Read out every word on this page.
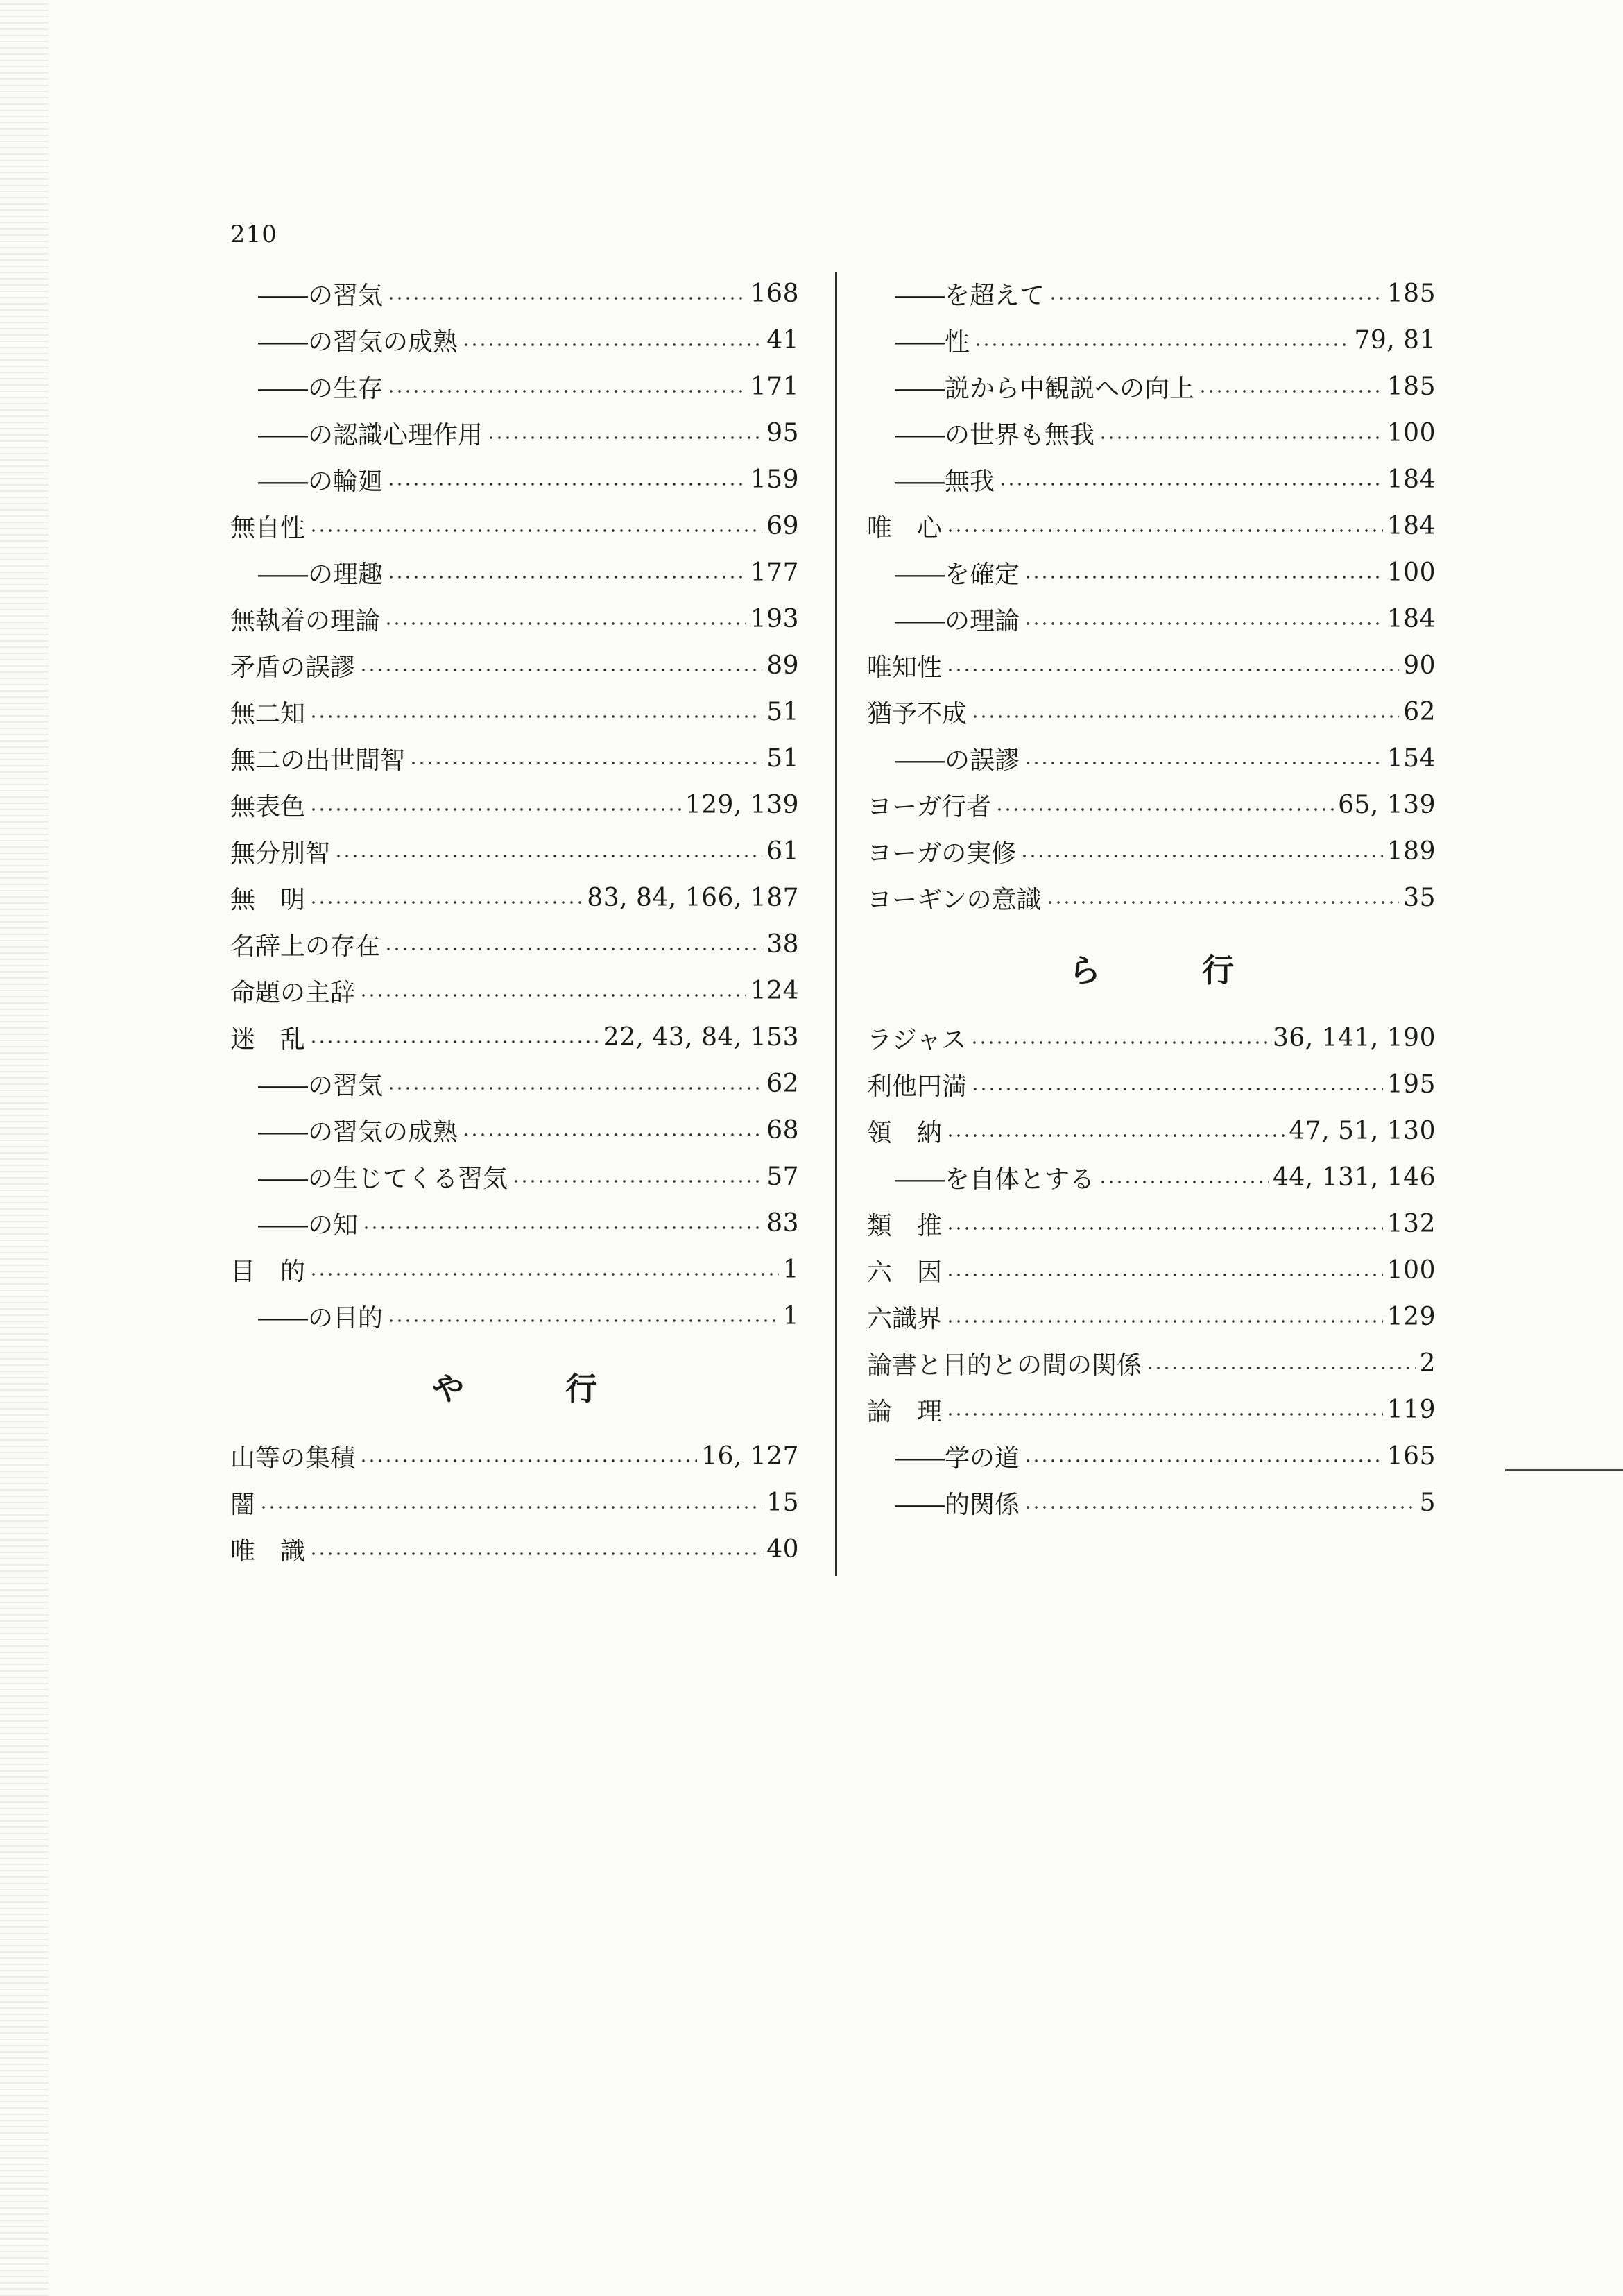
210
――の習気	168
――の習気の成熟	41
――の生存	171
――の認識心理作用	95
――の輪廻	159
無自性	69
――の理趣	177
無執着の理論	193
矛盾の誤謬	89
無二知	51
無二の出世間智	51
無表色	129, 139
無分別智	61
無　明	83, 84, 166, 187
名辞上の存在	38
命題の主辞	124
迷　乱	22, 43, 84, 153
――の習気	62
――の習気の成熟	68
――の生じてくる習気	57
――の知	83
目　的	1
――の目的	1
や　行
山等の集積	16, 127
闇	15
唯　識	40
――を超えて	185
――性	79, 81
――説から中観説への向上	185
――の世界も無我	100
――無我	184
唯　心	184
――を確定	100
――の理論	184
唯知性	90
猶予不成	62
――の誤謬	154
ヨーガ行者	65, 139
ヨーガの実修	189
ヨーギンの意識	35
ら　行
ラジャス	36, 141, 190
利他円満	195
領　納	47, 51, 130
――を自体とする	44, 131, 146
類　推	132
六　因	100
六識界	129
論書と目的との間の関係	2
論　理	119
――学の道	165
――的関係	5
